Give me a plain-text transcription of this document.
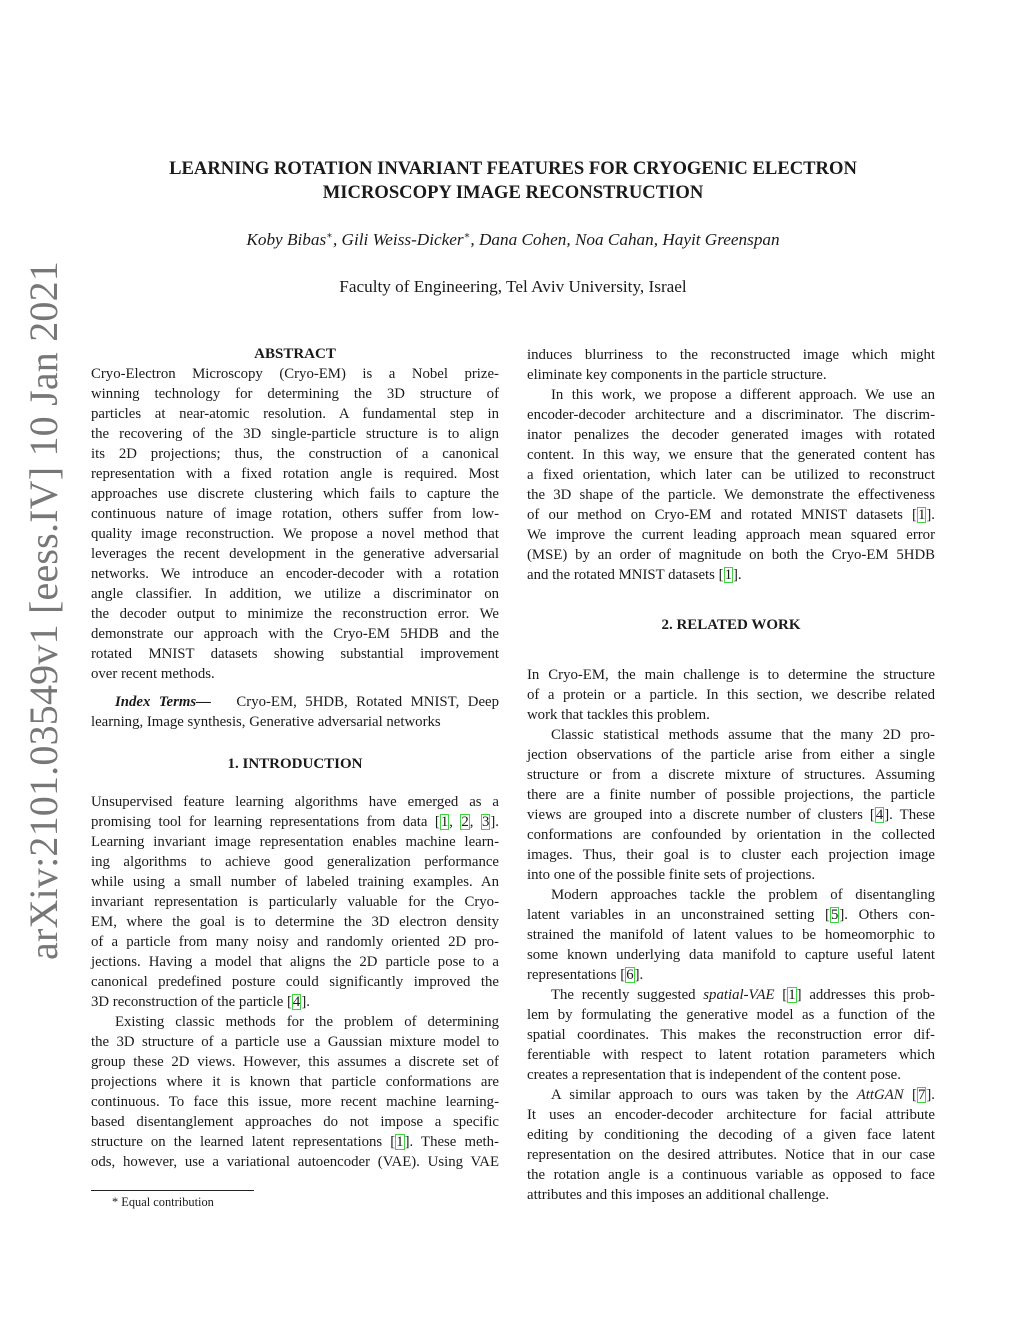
arXiv:2101.03549v1 [eess.IV] 10 Jan 2021
LEARNING ROTATION INVARIANT FEATURES FOR CRYOGENIC ELECTRON
MICROSCOPY IMAGE RECONSTRUCTION
Koby Bibas∗, Gili Weiss-Dicker∗, Dana Cohen, Noa Cahan, Hayit Greenspan
Faculty of Engineering, Tel Aviv University, Israel
ABSTRACT
Cryo-Electron Microscopy (Cryo-EM) is a Nobel prize-
winning technology for determining the 3D structure of
particles at near-atomic resolution. A fundamental step in
the recovering of the 3D single-particle structure is to align
its 2D projections; thus, the construction of a canonical
representation with a fixed rotation angle is required. Most
approaches use discrete clustering which fails to capture the
continuous nature of image rotation, others suffer from low-
quality image reconstruction. We propose a novel method that
leverages the recent development in the generative adversarial
networks. We introduce an encoder-decoder with a rotation
angle classifier. In addition, we utilize a discriminator on
the decoder output to minimize the reconstruction error. We
demonstrate our approach with the Cryo-EM 5HDB and the
rotated MNIST datasets showing substantial improvement
over recent methods.
Index Terms—   Cryo-EM, 5HDB, Rotated MNIST, Deep
learning, Image synthesis, Generative adversarial networks
1. INTRODUCTION
Unsupervised feature learning algorithms have emerged as a
promising tool for learning representations from data [1, 2, 3].
Learning invariant image representation enables machine learn-
ing algorithms to achieve good generalization performance
while using a small number of labeled training examples. An
invariant representation is particularly valuable for the Cryo-
EM, where the goal is to determine the 3D electron density
of a particle from many noisy and randomly oriented 2D pro-
jections. Having a model that aligns the 2D particle pose to a
canonical predefined posture could significantly improved the
3D reconstruction of the particle [4].
Existing classic methods for the problem of determining
the 3D structure of a particle use a Gaussian mixture model to
group these 2D views. However, this assumes a discrete set of
projections where it is known that particle conformations are
continuous. To face this issue, more recent machine learning-
based disentanglement approaches do not impose a specific
structure on the learned latent representations [1]. These meth-
ods, however, use a variational autoencoder (VAE). Using VAE
induces blurriness to the reconstructed image which might
eliminate key components in the particle structure.
In this work, we propose a different approach. We use an
encoder-decoder architecture and a discriminator. The discrim-
inator penalizes the decoder generated images with rotated
content. In this way, we ensure that the generated content has
a fixed orientation, which later can be utilized to reconstruct
the 3D shape of the particle. We demonstrate the effectiveness
of our method on Cryo-EM and rotated MNIST datasets [1].
We improve the current leading approach mean squared error
(MSE) by an order of magnitude on both the Cryo-EM 5HDB
and the rotated MNIST datasets [1].
2. RELATED WORK
In Cryo-EM, the main challenge is to determine the structure
of a protein or a particle. In this section, we describe related
work that tackles this problem.
Classic statistical methods assume that the many 2D pro-
jection observations of the particle arise from either a single
structure or from a discrete mixture of structures. Assuming
there are a finite number of possible projections, the particle
views are grouped into a discrete number of clusters [4]. These
conformations are confounded by orientation in the collected
images. Thus, their goal is to cluster each projection image
into one of the possible finite sets of projections.
Modern approaches tackle the problem of disentangling
latent variables in an unconstrained setting [5]. Others con-
strained the manifold of latent values to be homeomorphic to
some known underlying data manifold to capture useful latent
representations [6].
The recently suggested spatial-VAE [1] addresses this prob-
lem by formulating the generative model as a function of the
spatial coordinates. This makes the reconstruction error dif-
ferentiable with respect to latent rotation parameters which
creates a representation that is independent of the content pose.
A similar approach to ours was taken by the AttGAN [7].
It uses an encoder-decoder architecture for facial attribute
editing by conditioning the decoding of a given face latent
representation on the desired attributes. Notice that in our case
the rotation angle is a continuous variable as opposed to face
attributes and this imposes an additional challenge.
* Equal contribution
